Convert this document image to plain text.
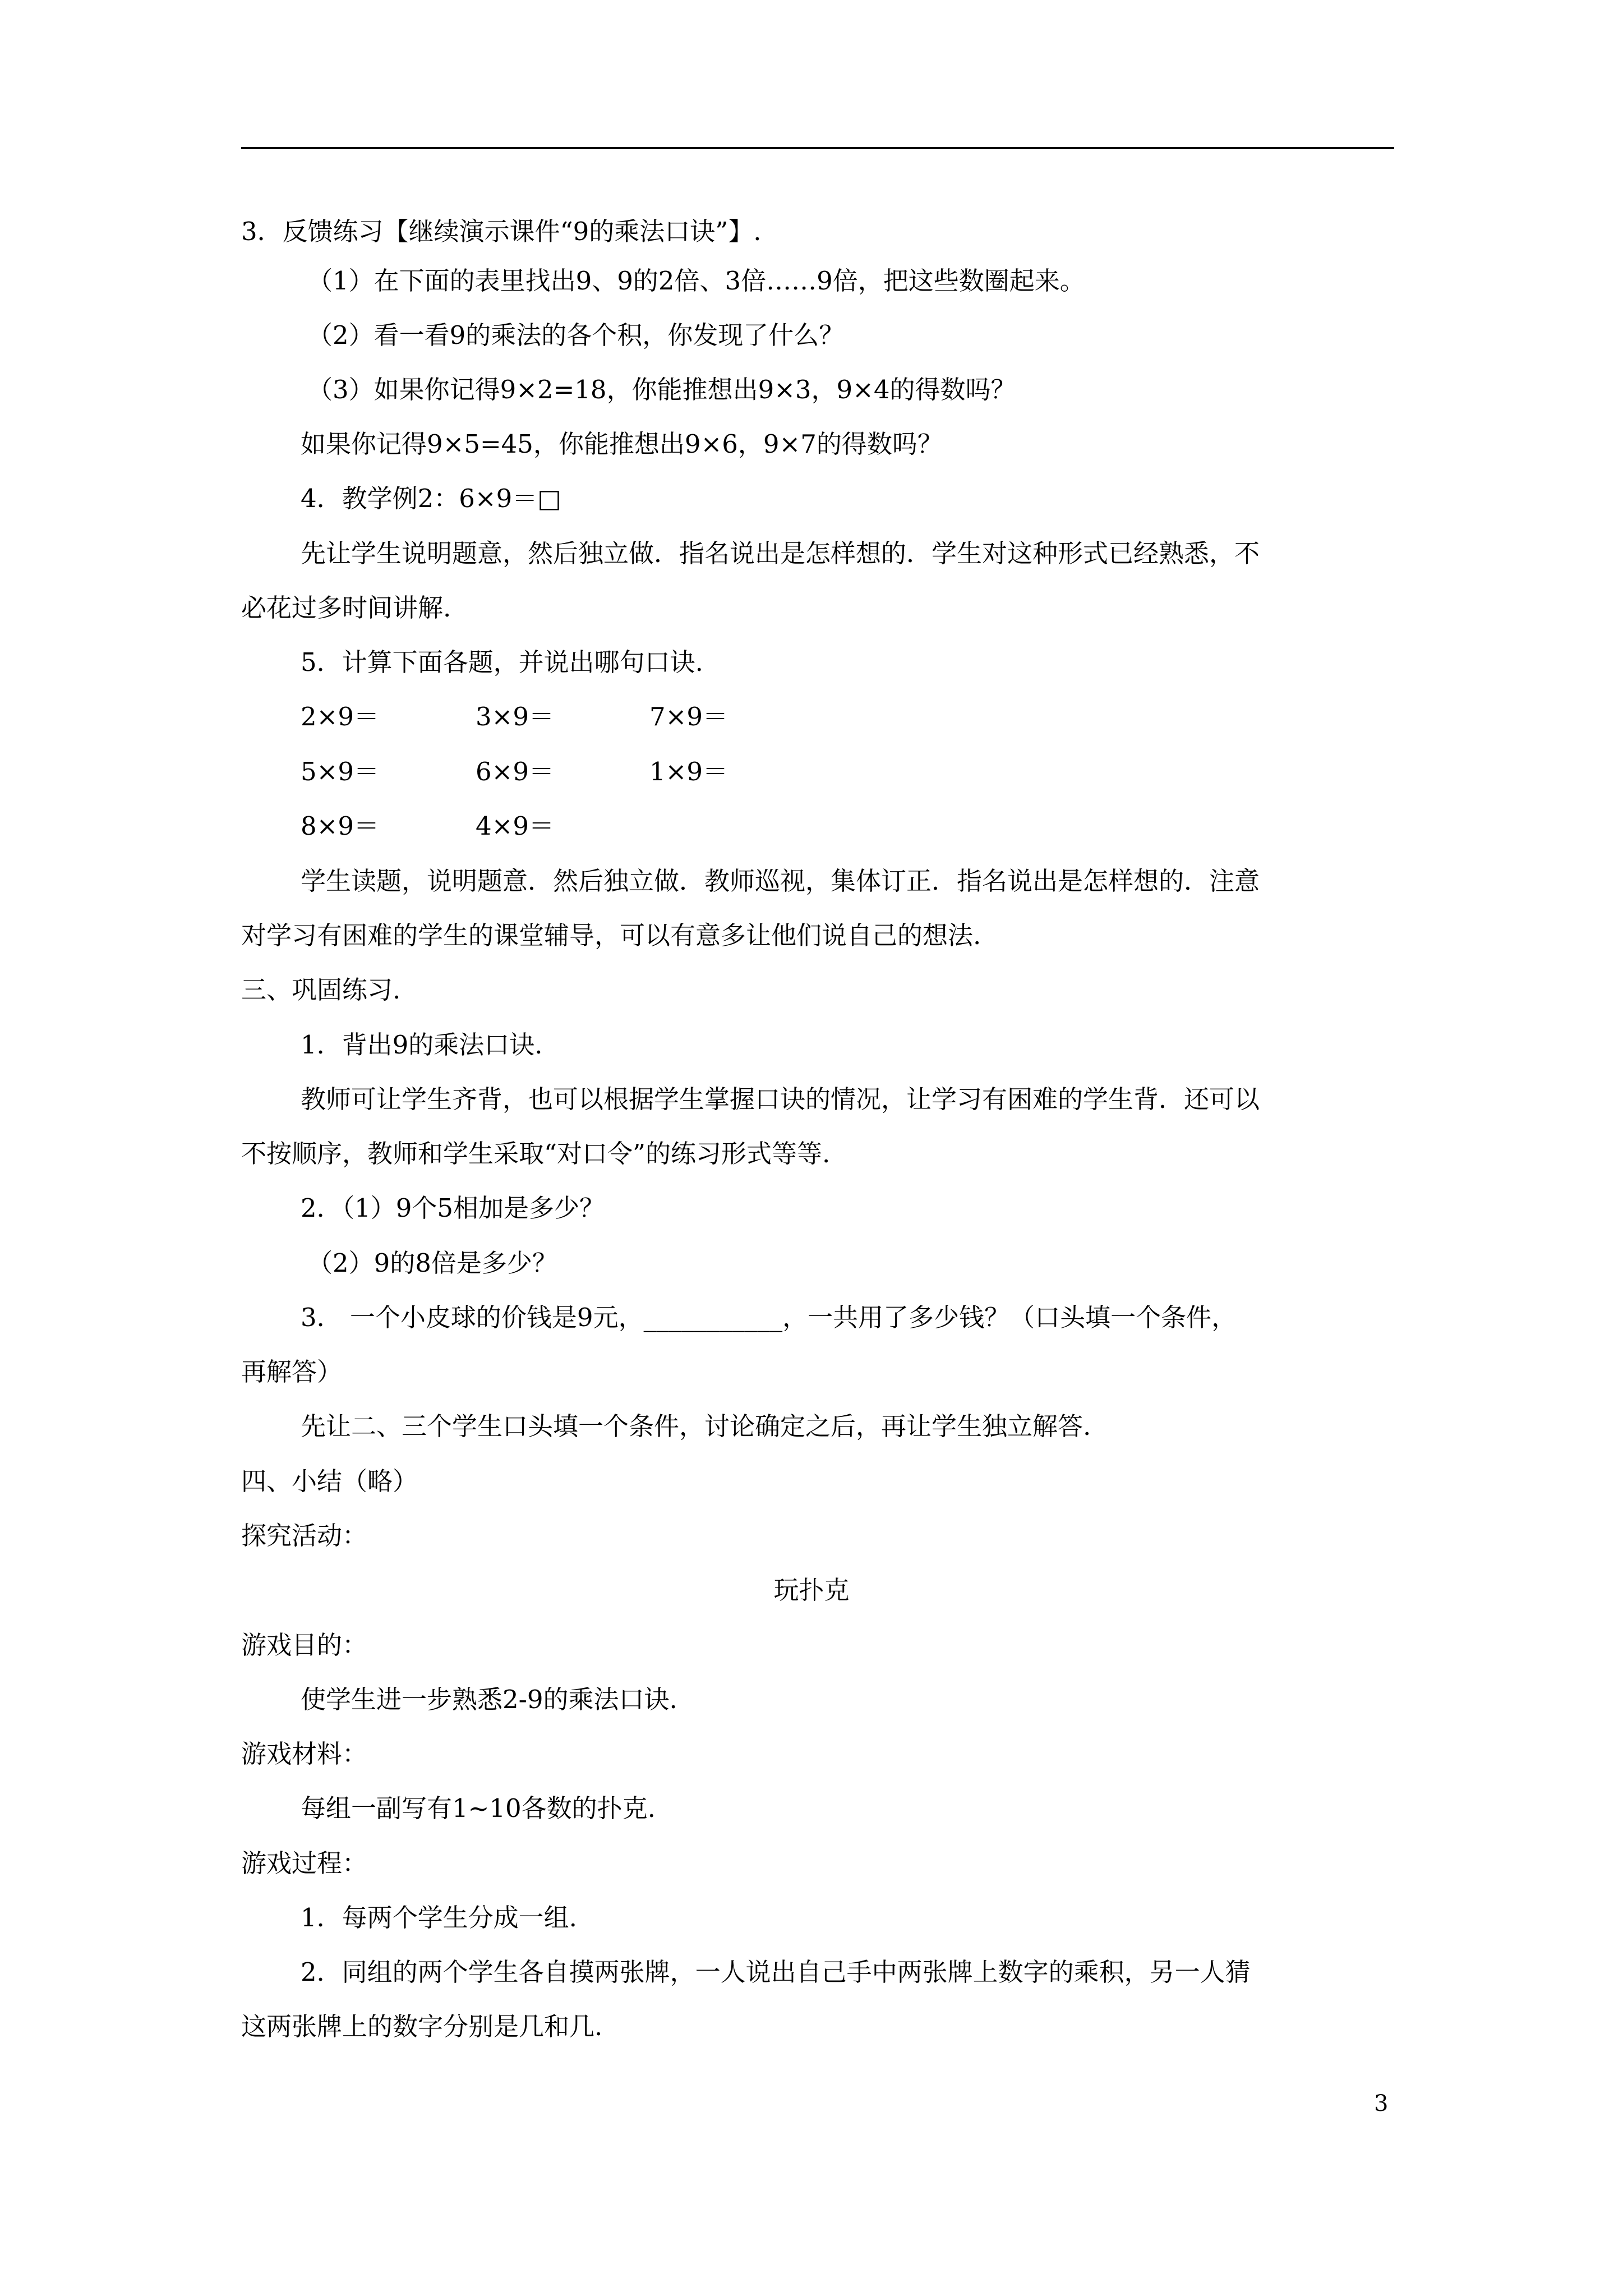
3．反馈练习【继续演示课件“9的乘法口诀”】.
（1）在下面的表里找出9、9的2倍、3倍……9倍，把这些数圈起来。
（2）看一看9的乘法的各个积，你发现了什么？
（3）如果你记得9×2=18，你能推想出9×3，9×4的得数吗？
如果你记得9×5=45，你能推想出9×6，9×7的得数吗？
4．教学例2：6×9＝□
先让学生说明题意，然后独立做．指名说出是怎样想的．学生对这种形式已经熟悉，不
必花过多时间讲解.
5．计算下面各题，并说出哪句口诀.
2×9＝	3×9＝	7×9＝
5×9＝	6×9＝	1×9＝
8×9＝	4×9＝
学生读题，说明题意．然后独立做．教师巡视，集体订正．指名说出是怎样想的．注意
对学习有困难的学生的课堂辅导，可以有意多让他们说自己的想法.
三、巩固练习.
1．背出9的乘法口诀.
教师可让学生齐背，也可以根据学生掌握口诀的情况，让学习有困难的学生背．还可以
不按顺序，教师和学生采取“对口令”的练习形式等等.
2．（1）9个5相加是多少？
（2）9的8倍是多少？
3． 一个小皮球的价钱是9元，___________，一共用了多少钱？（口头填一个条件，
再解答）
先让二、三个学生口头填一个条件，讨论确定之后，再让学生独立解答.
四、小结（略）
探究活动：
玩扑克
游戏目的：
使学生进一步熟悉2-9的乘法口诀.
游戏材料：
每组一副写有1~10各数的扑克.
游戏过程：
1．每两个学生分成一组.
2．同组的两个学生各自摸两张牌，一人说出自己手中两张牌上数字的乘积，另一人猜
这两张牌上的数字分别是几和几.
3
